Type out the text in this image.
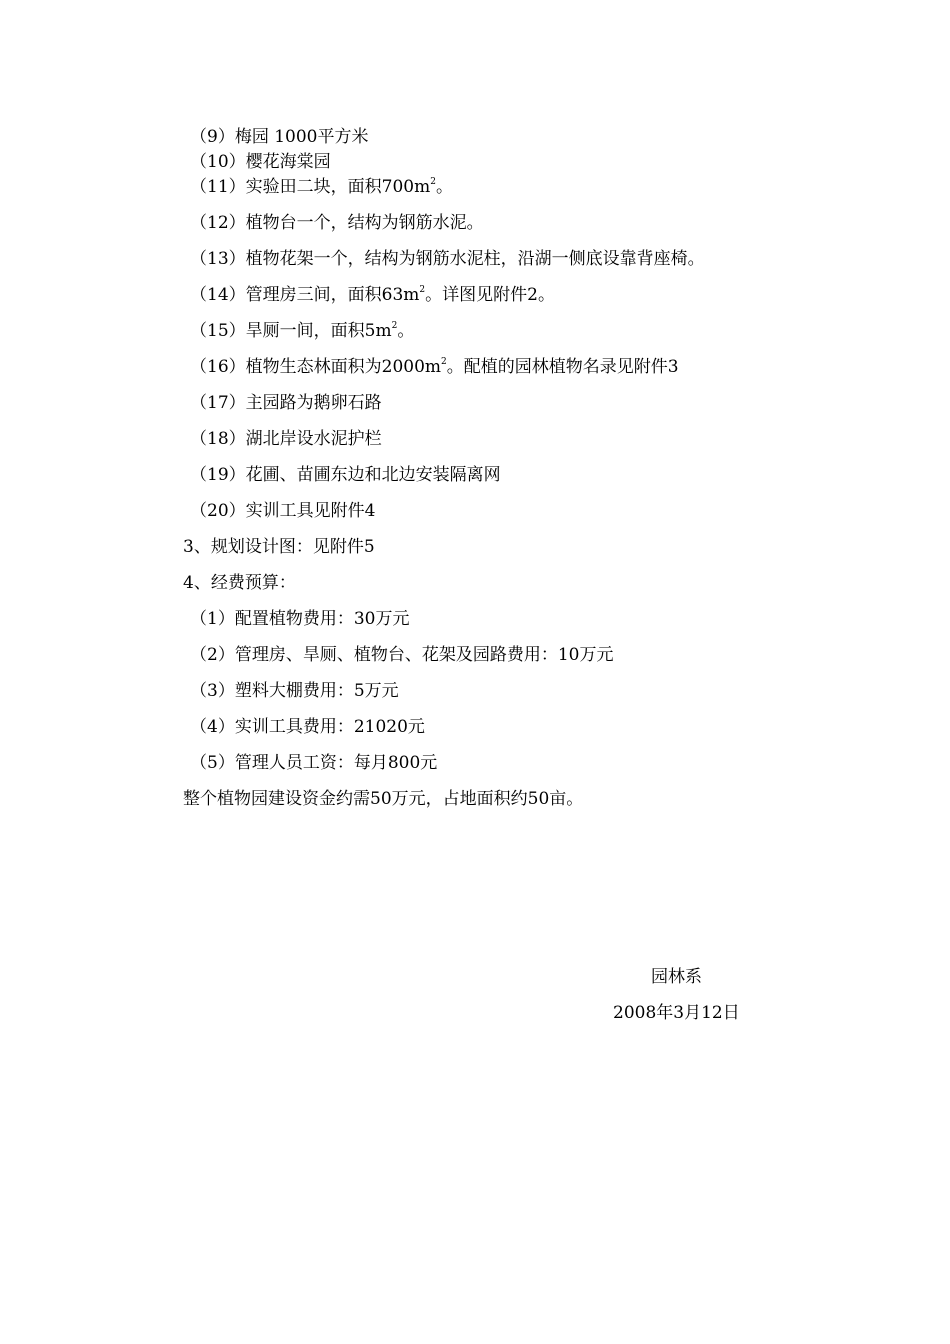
（9）梅园 1000平方米
（10）樱花海棠园
（11）实验田二块，面积$700m^2$。
（12）植物台一个，结构为钢筋水泥。
（13）植物花架一个，结构为钢筋水泥柱，沿湖一侧底设靠背座椅。
（14）管理房三间，面积$63m^2$。详图见附件2。
（15）旱厕一间，面积$5m^2$。
（16）植物生态林面积为$2000m^2$。配植的园林植物名录见附件3
（17）主园路为鹅卵石路
（18）湖北岸设水泥护栏
（19）花圃、苗圃东边和北边安装隔离网
（20）实训工具见附件4
3、规划设计图：见附件5
4、经费预算：
（1）配置植物费用：30万元
（2）管理房、旱厕、植物台、花架及园路费用：10万元
（3）塑料大棚费用：5万元
（4）实训工具费用：21020元
（5）管理人员工资：每月800元
整个植物园建设资金约需50万元，占地面积约50亩。
园林系
2008年3月12日
